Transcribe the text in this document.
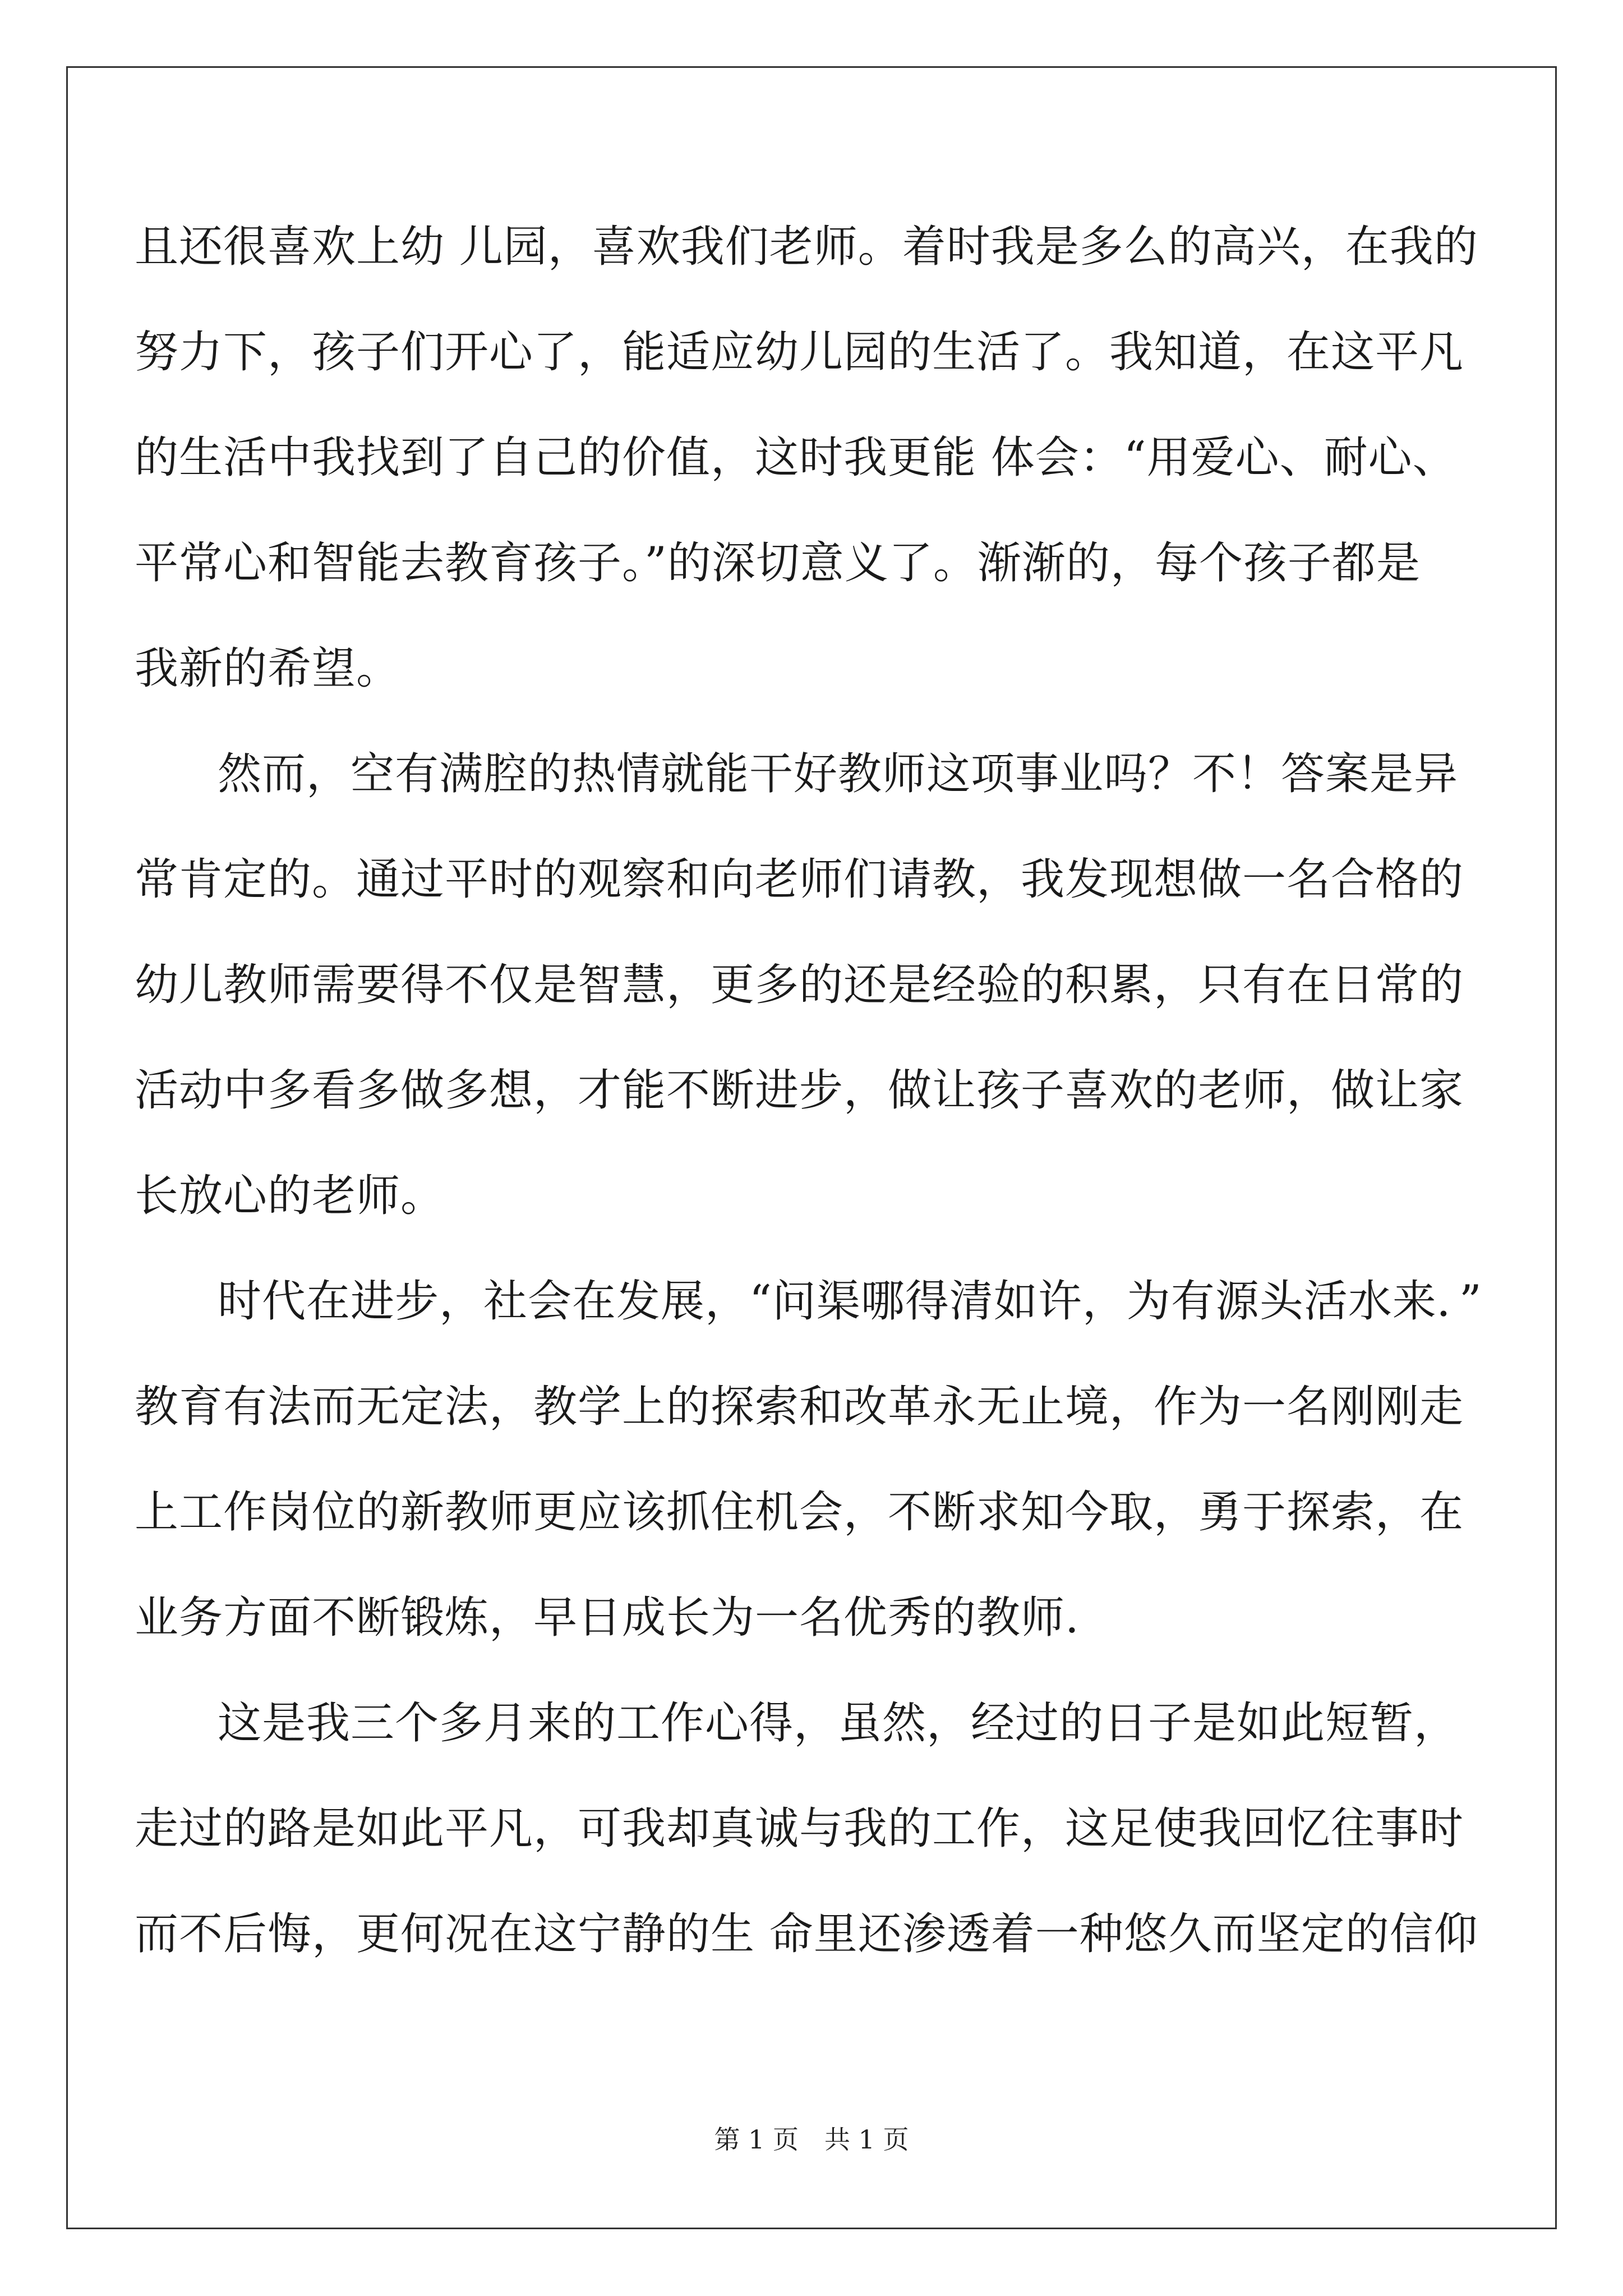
且还很喜欢上幼 儿园，喜欢我们老师。着时我是多么的高兴，在我的
努力下，孩子们开心了，能适应幼儿园的生活了。我知道，在这平凡
的生活中我找到了自己的价值，这时我更能 体会：“用爱心、耐心、
平常心和智能去教育孩子。”的深切意义了。渐渐的，每个孩子都是
我新的希望。
然而，空有满腔的热情就能干好教师这项事业吗？不！答案是异
常肯定的。通过平时的观察和向老师们请教，我发现想做一名合格的
幼儿教师需要得不仅是智慧，更多的还是经验的积累，只有在日常的
活动中多看多做多想，才能不断进步，做让孩子喜欢的老师，做让家
长放心的老师。
时代在进步，社会在发展，“问渠哪得清如许，为有源头活水来．”
教育有法而无定法，教学上的探索和改革永无止境，作为一名刚刚走
上工作岗位的新教师更应该抓住机会，不断求知今取，勇于探索，在
业务方面不断锻炼，早日成长为一名优秀的教师.
这是我三个多月来的工作心得，虽然，经过的日子是如此短暂，
走过的路是如此平凡，可我却真诚与我的工作，这足使我回忆往事时
而不后悔，更何况在这宁静的生 命里还渗透着一种悠久而坚定的信仰
第 1 页　共 1 页
